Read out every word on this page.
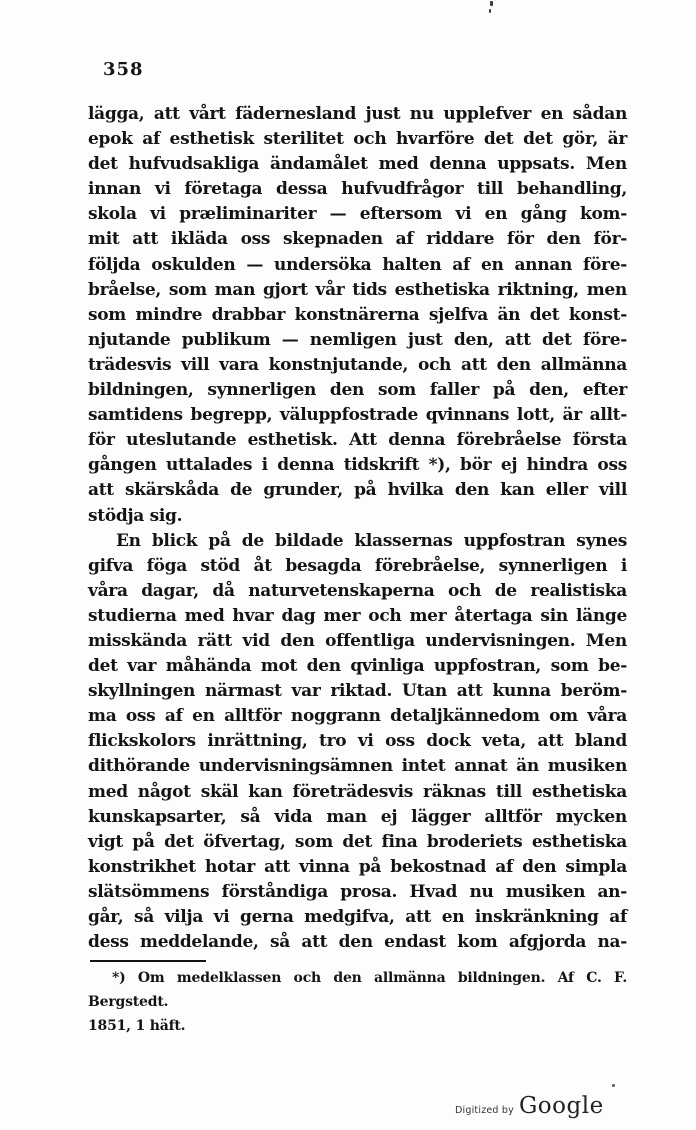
358
lägga, att vårt fädernesland just nu upplefver en sådan
epok af esthetisk sterilitet och hvarföre det det gör, är
det hufvudsakliga ändamålet med denna uppsats. Men
innan vi företaga dessa hufvudfrågor till behandling,
skola vi præliminariter — eftersom vi en gång kom-
mit att ikläda oss skepnaden af riddare för den för-
följda oskulden — undersöka halten af en annan före-
bråelse, som man gjort vår tids esthetiska riktning, men
som mindre drabbar konstnärerna sjelfva än det konst-
njutande publikum — nemligen just den, att det före-
trädesvis vill vara konstnjutande, och att den allmänna
bildningen, synnerligen den som faller på den, efter
samtidens begrepp, väluppfostrade qvinnans lott, är allt-
för uteslutande esthetisk. Att denna förebråelse första
gången uttalades i denna tidskrift *), bör ej hindra oss
att skärskåda de grunder, på hvilka den kan eller vill
stödja sig.
En blick på de bildade klassernas uppfostran synes
gifva föga stöd åt besagda förebråelse, synnerligen i
våra dagar, då naturvetenskaperna och de realistiska
studierna med hvar dag mer och mer återtaga sin länge
misskända rätt vid den offentliga undervisningen. Men
det var måhända mot den qvinliga uppfostran, som be-
skyllningen närmast var riktad. Utan att kunna beröm-
ma oss af en alltför noggrann detaljkännedom om våra
flickskolors inrättning, tro vi oss dock veta, att bland
dithörande undervisningsämnen intet annat än musiken
med något skäl kan företrädesvis räknas till esthetiska
kunskapsarter, så vida man ej lägger alltför mycken
vigt på det öfvertag, som det fina broderiets esthetiska
konstrikhet hotar att vinna på bekostnad af den simpla
slätsömmens förståndiga prosa. Hvad nu musiken an-
går, så vilja vi gerna medgifva, att en inskränkning af
dess meddelande, så att den endast kom afgjorda na-
*) Om medelklassen och den allmänna bildningen. Af C. F. Bergstedt.
1851, 1 häft.
Digitized by Google
